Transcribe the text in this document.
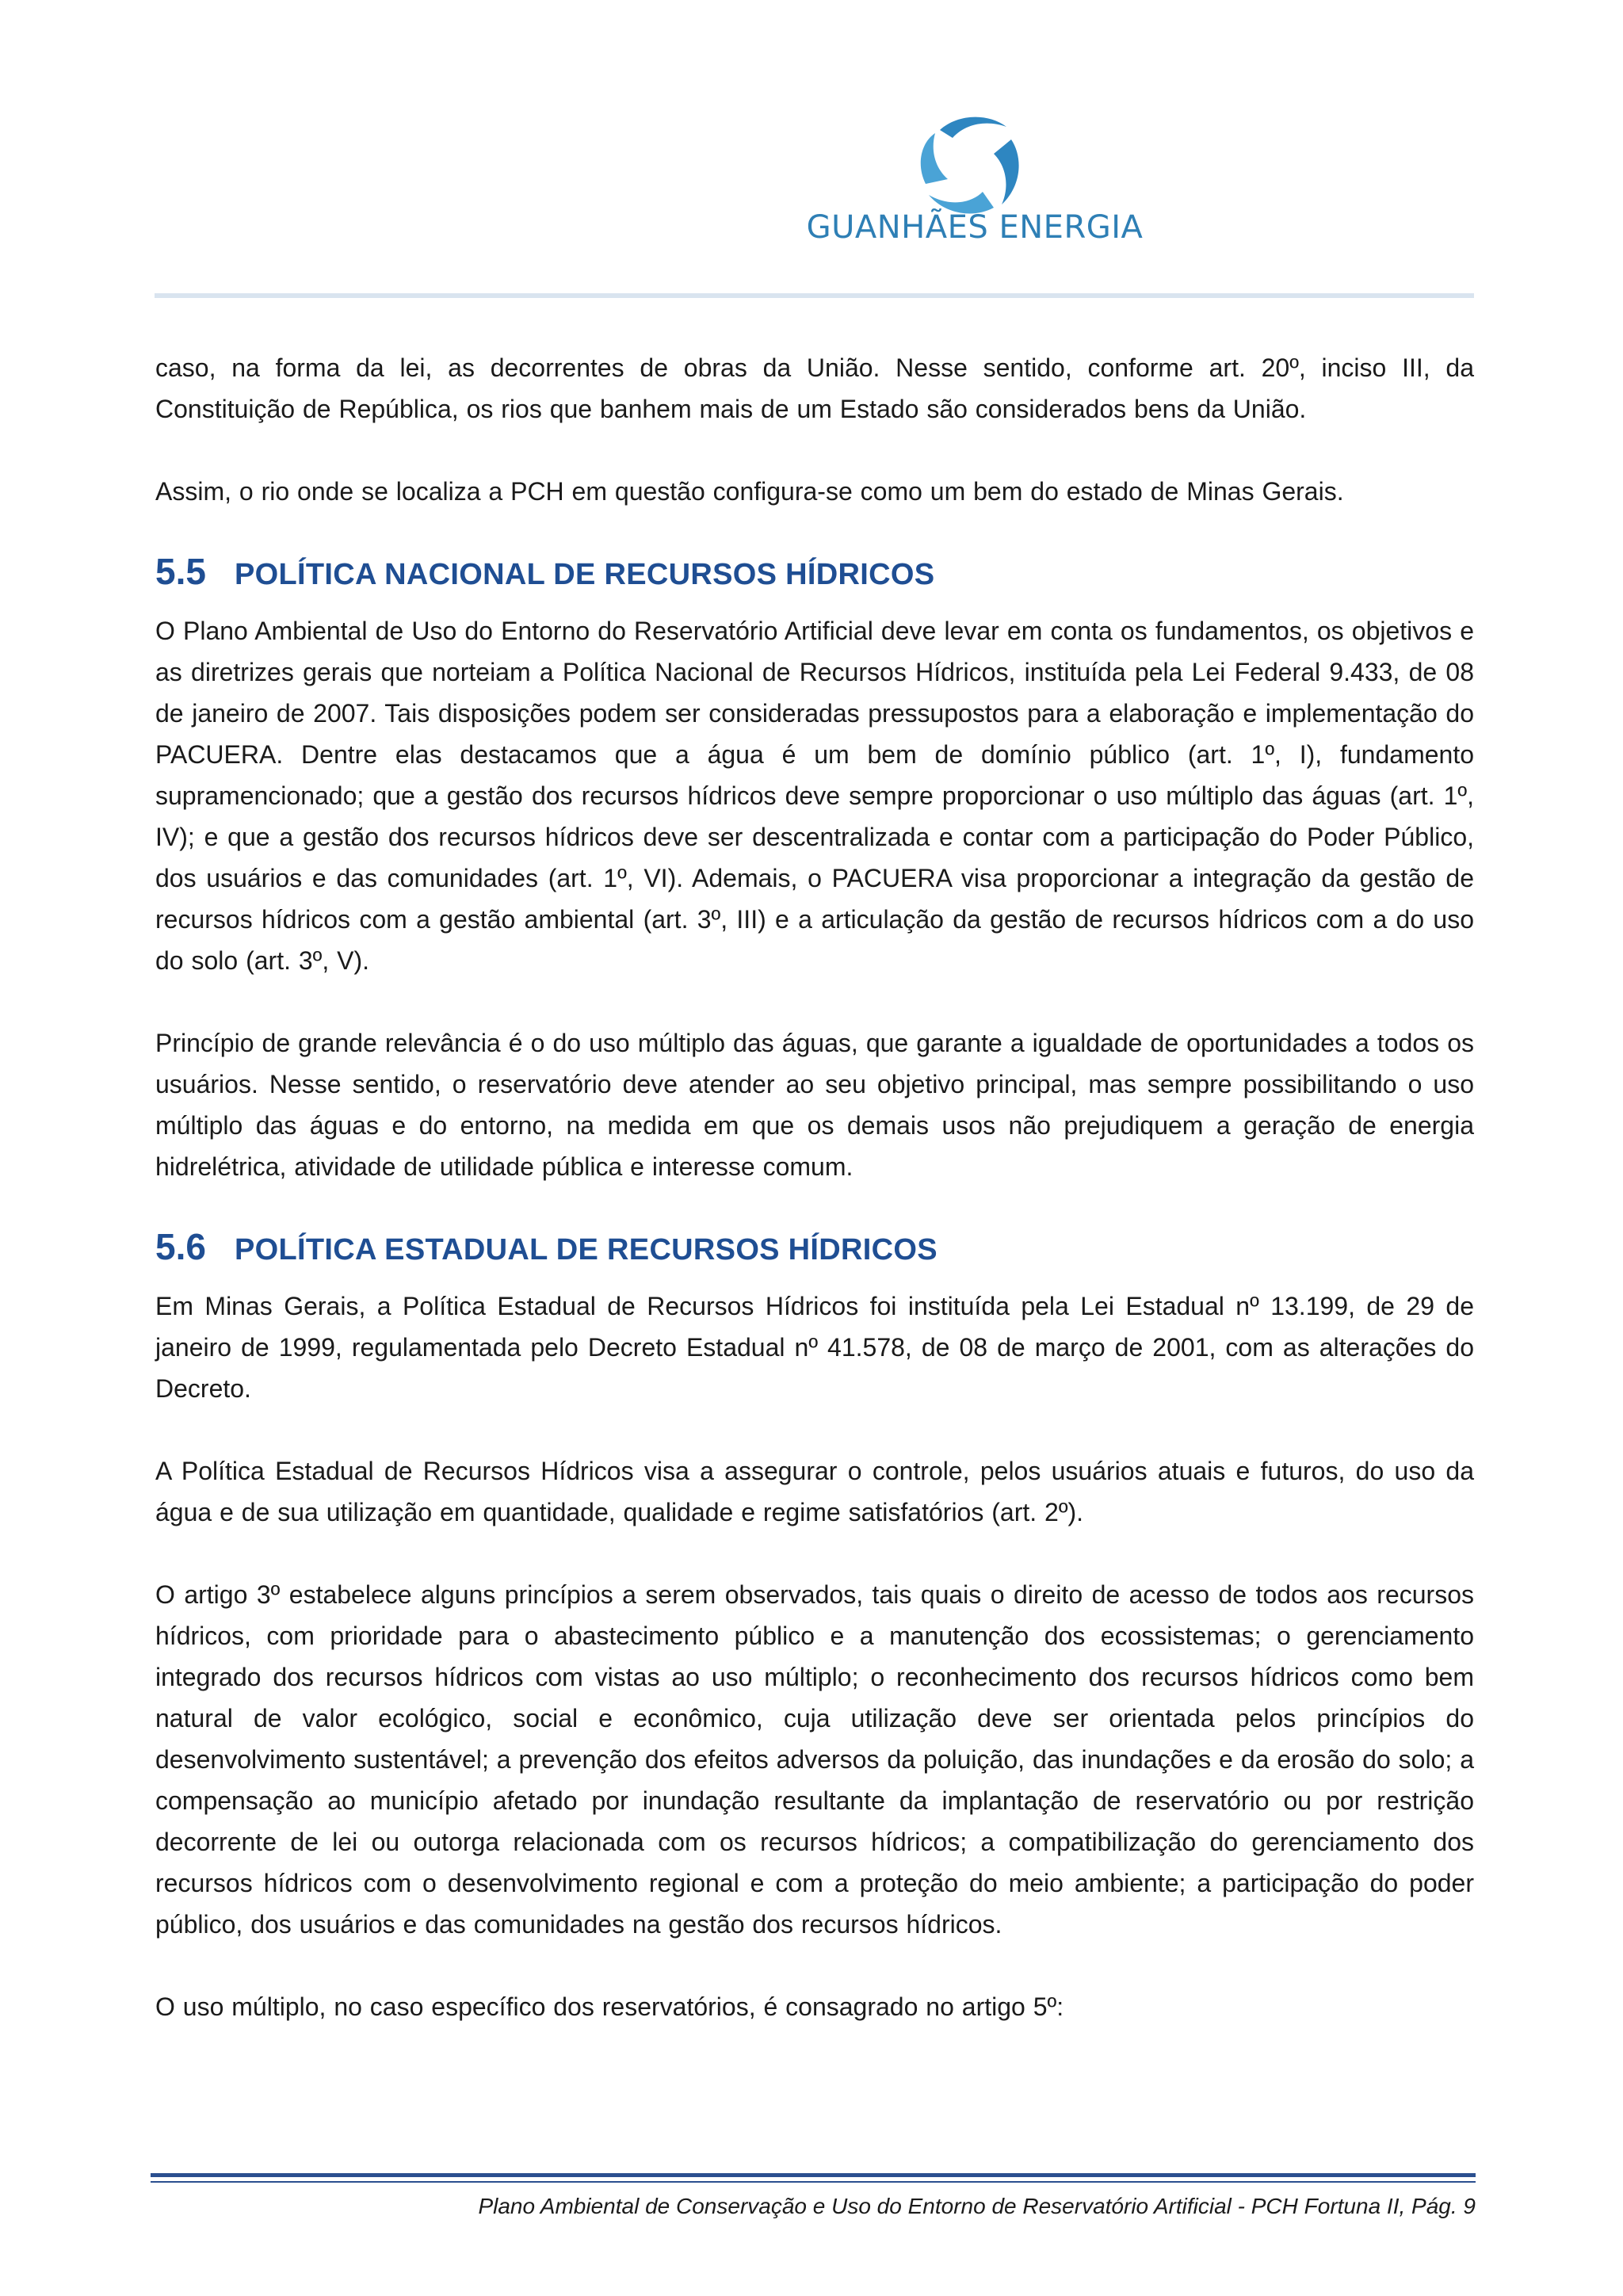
GUANHÃES ENERGIA

caso, na forma da lei, as decorrentes de obras da União. Nesse sentido, conforme art. 20º, inciso III, da Constituição de República, os rios que banhem mais de um Estado são considerados bens da União.

Assim, o rio onde se localiza a PCH em questão configura-se como um bem do estado de Minas Gerais.

5.5 POLÍTICA NACIONAL DE RECURSOS HÍDRICOS

O Plano Ambiental de Uso do Entorno do Reservatório Artificial deve levar em conta os fundamentos, os objetivos e as diretrizes gerais que norteiam a Política Nacional de Recursos Hídricos, instituída pela Lei Federal 9.433, de 08 de janeiro de 2007. Tais disposições podem ser consideradas pressupostos para a elaboração e implementação do PACUERA. Dentre elas destacamos que a água é um bem de domínio público (art. 1º, I), fundamento supramencionado; que a gestão dos recursos hídricos deve sempre proporcionar o uso múltiplo das águas (art. 1º, IV); e que a gestão dos recursos hídricos deve ser descentralizada e contar com a participação do Poder Público, dos usuários e das comunidades (art. 1º, VI). Ademais, o PACUERA visa proporcionar a integração da gestão de recursos hídricos com a gestão ambiental (art. 3º, III) e a articulação da gestão de recursos hídricos com a do uso do solo (art. 3º, V).

Princípio de grande relevância é o do uso múltiplo das águas, que garante a igualdade de oportunidades a todos os usuários. Nesse sentido, o reservatório deve atender ao seu objetivo principal, mas sempre possibilitando o uso múltiplo das águas e do entorno, na medida em que os demais usos não prejudiquem a geração de energia hidrelétrica, atividade de utilidade pública e interesse comum.

5.6 POLÍTICA ESTADUAL DE RECURSOS HÍDRICOS

Em Minas Gerais, a Política Estadual de Recursos Hídricos foi instituída pela Lei Estadual nº 13.199, de 29 de janeiro de 1999, regulamentada pelo Decreto Estadual nº 41.578, de 08 de março de 2001, com as alterações do Decreto.

A Política Estadual de Recursos Hídricos visa a assegurar o controle, pelos usuários atuais e futuros, do uso da água e de sua utilização em quantidade, qualidade e regime satisfatórios (art. 2º).

O artigo 3º estabelece alguns princípios a serem observados, tais quais o direito de acesso de todos aos recursos hídricos, com prioridade para o abastecimento público e a manutenção dos ecossistemas; o gerenciamento integrado dos recursos hídricos com vistas ao uso múltiplo; o reconhecimento dos recursos hídricos como bem natural de valor ecológico, social e econômico, cuja utilização deve ser orientada pelos princípios do desenvolvimento sustentável; a prevenção dos efeitos adversos da poluição, das inundações e da erosão do solo; a compensação ao município afetado por inundação resultante da implantação de reservatório ou por restrição decorrente de lei ou outorga relacionada com os recursos hídricos; a compatibilização do gerenciamento dos recursos hídricos com o desenvolvimento regional e com a proteção do meio ambiente; a participação do poder público, dos usuários e das comunidades na gestão dos recursos hídricos.

O uso múltiplo, no caso específico dos reservatórios, é consagrado no artigo 5º:

Plano Ambiental de Conservação e Uso do Entorno de Reservatório Artificial - PCH Fortuna II, Pág. 9
